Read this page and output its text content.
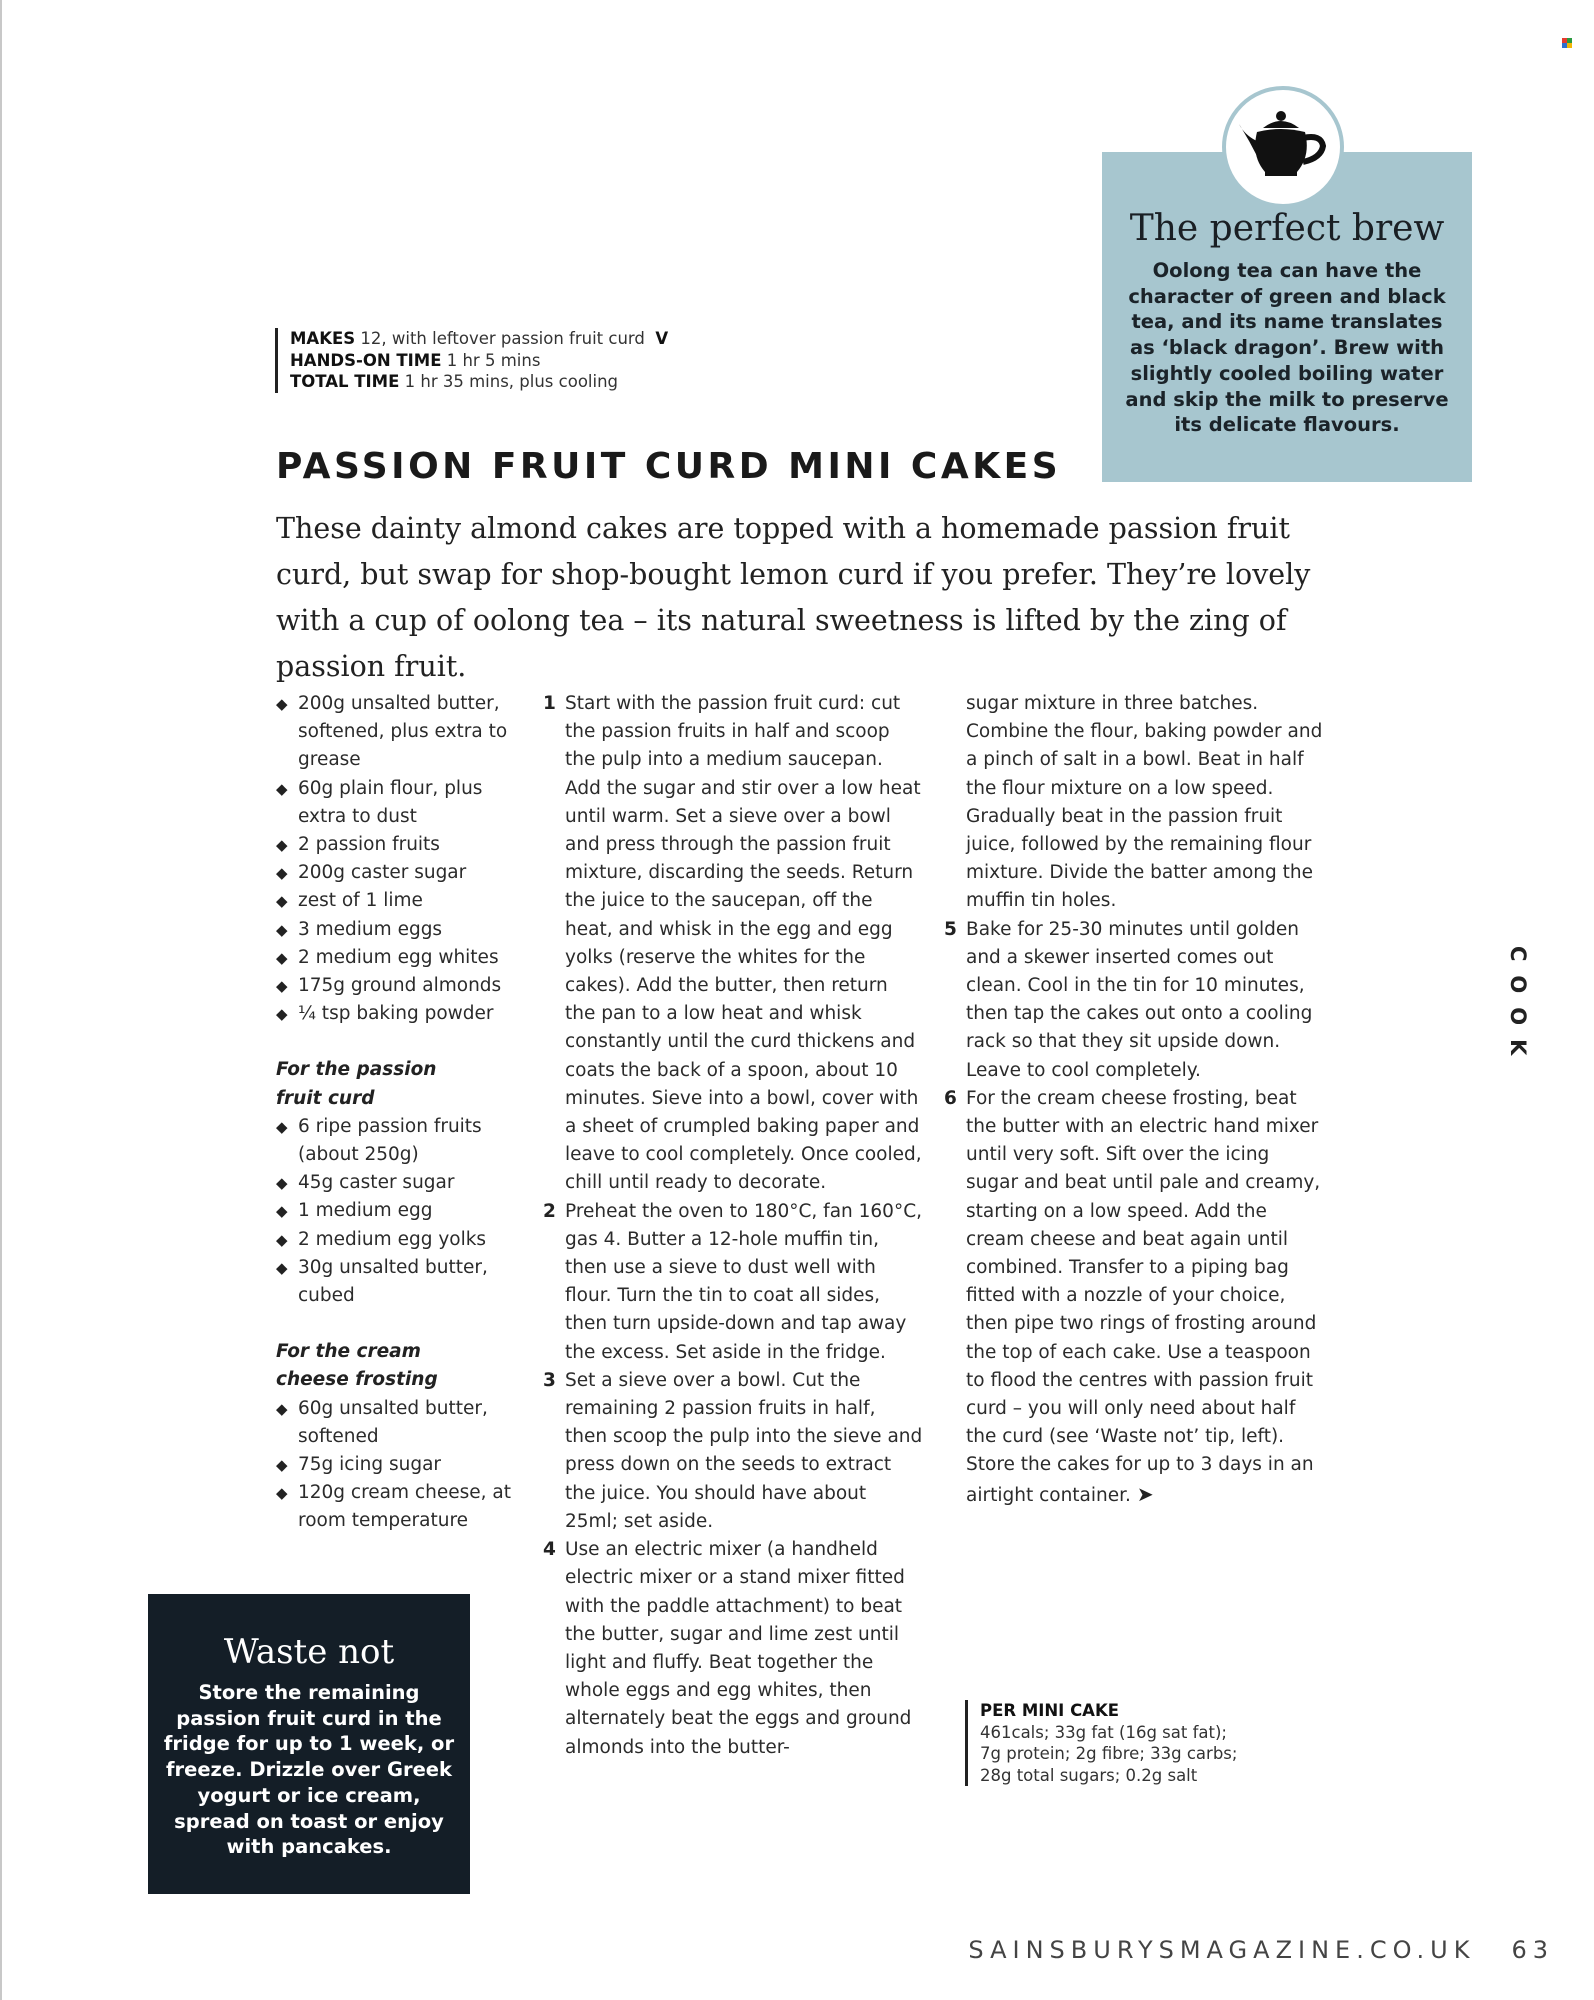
The perfect brew

Oolong tea can have the character of green and black tea, and its name translates as ‘black dragon’. Brew with slightly cooled boiling water and skip the milk to preserve its delicate flavours.

MAKES 12, with leftover passion fruit curd V
HANDS-ON TIME 1 hr 5 mins
TOTAL TIME 1 hr 35 mins, plus cooling
PASSION FRUIT CURD MINI CAKES

These dainty almond cakes are topped with a homemade passion fruit curd, but swap for shop-bought lemon curd if you prefer. They’re lovely with a cup of oolong tea – its natural sweetness is lifted by the zing of passion fruit.

◆ 200g unsalted butter, softened, plus extra to grease
◆ 60g plain flour, plus extra to dust
◆ 2 passion fruits
◆ 200g caster sugar
◆ zest of 1 lime
◆ 3 medium eggs
◆ 2 medium egg whites
◆ 175g ground almonds
◆ ¼ tsp baking powder
For the passion fruit curd
◆ 6 ripe passion fruits (about 250g)
◆ 45g caster sugar
◆ 1 medium egg
◆ 2 medium egg yolks
◆ 30g unsalted butter, cubed
For the cream cheese frosting
◆ 60g unsalted butter, softened
◆ 75g icing sugar
◆ 120g cream cheese, at room temperature
1 Start with the passion fruit curd: cut the passion fruits in half and scoop the pulp into a medium saucepan. Add the sugar and stir over a low heat until warm. Set a sieve over a bowl and press through the passion fruit mixture, discarding the seeds. Return the juice to the saucepan, off the heat, and whisk in the egg and egg yolks (reserve the whites for the cakes). Add the butter, then return the pan to a low heat and whisk constantly until the curd thickens and coats the back of a spoon, about 10 minutes. Sieve into a bowl, cover with a sheet of crumpled baking paper and leave to cool completely. Once cooled, chill until ready to decorate.
2 Preheat the oven to 180°C, fan 160°C, gas 4. Butter a 12-hole muffin tin, then use a sieve to dust well with flour. Turn the tin to coat all sides, then turn upside-down and tap away the excess. Set aside in the fridge.
3 Set a sieve over a bowl. Cut the remaining 2 passion fruits in half, then scoop the pulp into the sieve and press down on the seeds to extract the juice. You should have about 25ml; set aside.
4 Use an electric mixer (a handheld electric mixer or a stand mixer fitted with the paddle attachment) to beat the butter, sugar and lime zest until light and fluffy. Beat together the whole eggs and egg whites, then alternately beat the eggs and ground almonds into the butter-

sugar mixture in three batches. Combine the flour, baking powder and a pinch of salt in a bowl. Beat in half the flour mixture on a low speed. Gradually beat in the passion fruit juice, followed by the remaining flour mixture. Divide the batter among the muffin tin holes.

5 Bake for 25-30 minutes until golden and a skewer inserted comes out clean. Cool in the tin for 10 minutes, then tap the cakes out onto a cooling rack so that they sit upside down. Leave to cool completely.
6 For the cream cheese frosting, beat the butter with an electric hand mixer until very soft. Sift over the icing sugar and beat until pale and creamy, starting on a low speed. Add the cream cheese and beat again until combined. Transfer to a piping bag fitted with a nozzle of your choice, then pipe two rings of frosting around the top of each cake. Use a teaspoon to flood the centres with passion fruit curd – you will only need about half the curd (see ‘Waste not’ tip, left). Store the cakes for up to 3 days in an airtight container. ➤
Waste not

Store the remaining passion fruit curd in the fridge for up to 1 week, or freeze. Drizzle over Greek yogurt or ice cream, spread on toast or enjoy with pancakes.

PER MINI CAKE
461cals; 33g fat (16g sat fat);
7g protein; 2g fibre; 33g carbs;
28g total sugars; 0.2g salt
COOK
SAINSBURYSMAGAZINE.CO.UK 63
